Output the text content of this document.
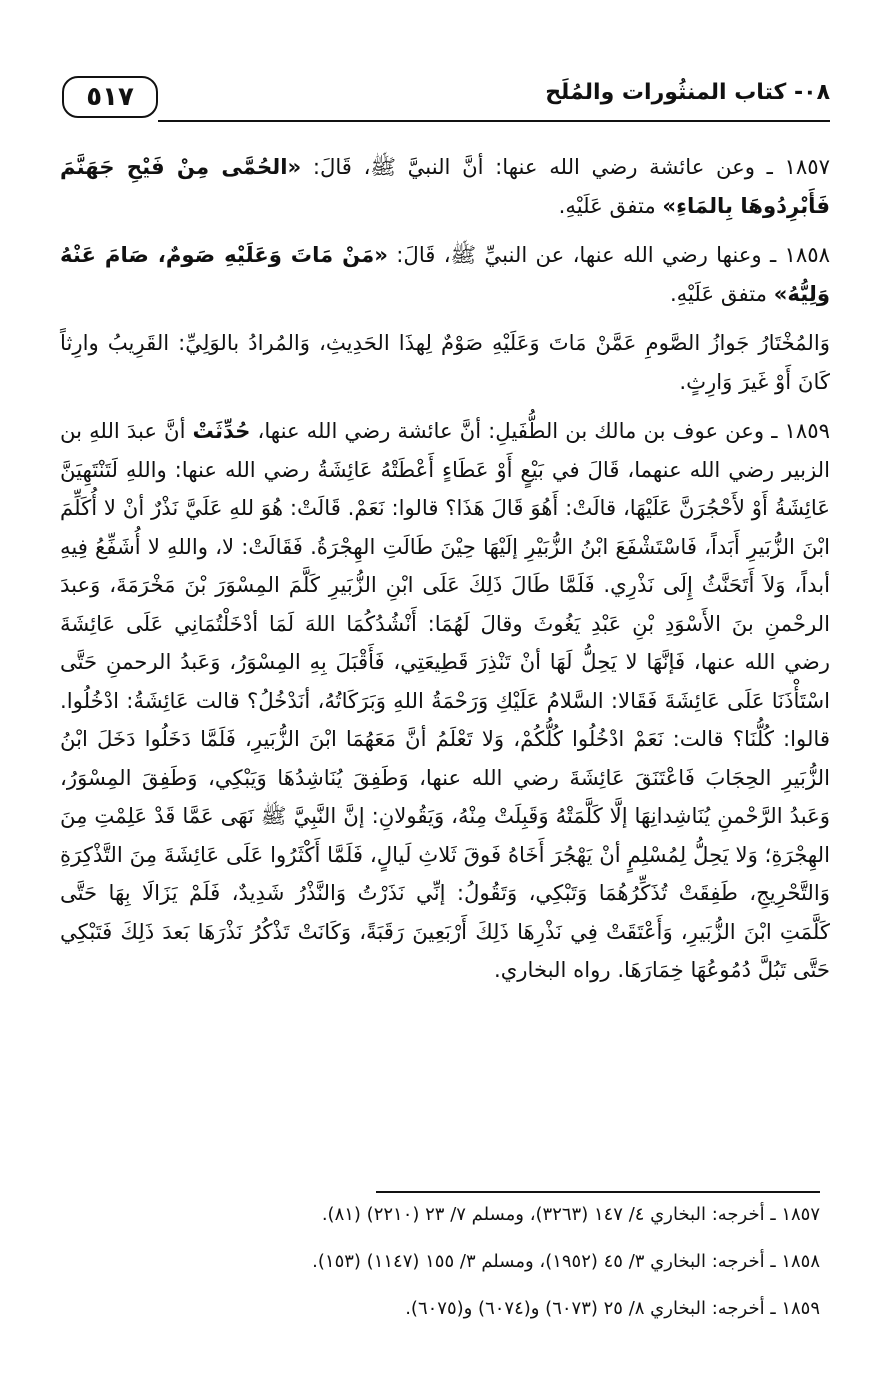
٥١٧	٠٨- كتاب المنثُورات والمُلَح

١٨٥٧ ـ وعن عائشة رضي الله عنها: أنَّ النبيَّ ﷺ، قَالَ: «الحُمَّى مِنْ فَيْحِ جَهَنَّمَ فَأَبْرِدُوهَا بِالمَاءِ» متفق عَلَيْهِ.

١٨٥٨ ـ وعنها رضي الله عنها، عن النبيِّ ﷺ، قَالَ: «مَنْ مَاتَ وَعَلَيْهِ صَومٌ، صَامَ عَنْهُ وَلِيُّهُ» متفق عَلَيْهِ.

وَالمُخْتَارُ جَوازُ الصَّومِ عَمَّنْ مَاتَ وَعَلَيْهِ صَوْمٌ لِهذَا الحَدِيثِ، وَالمُرادُ بالوَلِيِّ: القَرِيبُ وارِثاً كَانَ أَوْ غَيرَ وَارِثٍ.

١٨٥٩ ـ وعن عوف بن مالك بن الطُّفَيلِ: أنَّ عائشة رضي الله عنها، حُدِّثَتْ أنَّ عبدَ اللهِ بن الزبير رضي الله عنهما، قَالَ في بَيْعٍ أَوْ عَطَاءٍ أَعْطَتْهُ عَائِشَةُ رضي الله عنها: واللهِ لَتَنْتَهِيَنَّ عَائِشَةُ أَوْ لأَحْجُرَنَّ عَلَيْهَا، قالَتْ: أَهُوَ قَالَ هَذَا؟ قالوا: نَعَمْ. قَالَتْ: هُوَ للهِ عَلَيَّ نَذْرٌ أنْ لا أُكَلِّمَ ابْنَ الزُّبَيرِ أَبَداً، فَاسْتَشْفَعَ ابْنُ الزُّبَيْرِ إلَيْهَا حِيْنَ طَالَتِ الهِجْرَةُ. فَقَالَتْ: لا، واللهِ لا أُشَفِّعُ فِيهِ أبداً، وَلاَ أَتَحَنَّثُ إِلَى نَذْرِي. فَلَمَّا طَالَ ذَلِكَ عَلَى ابْنِ الزُّبَيرِ كَلَّمَ المِسْوَرَ بْنَ مَخْرَمَةَ، وَعبدَ الرحْمنِ بنَ الأَسْوَدِ بْنِ عَبْدِ يَغُوثَ وقالَ لَهُمَا: أَنْشُدُكُمَا اللهَ لَمَا أدْخَلْتُمَانِي عَلَى عَائِشَةَ رضي الله عنها، فَإنَّهَا لا يَحِلُّ لَهَا أنْ تَنْذِرَ قَطِيعَتِي، فَأَقْبَلَ بِهِ المِسْوَرُ، وَعَبدُ الرحمنِ حَتَّى اسْتَأْذَنَا عَلَى عَائِشَةَ فَقَالا: السَّلامُ عَلَيْكِ وَرَحْمَةُ اللهِ وَبَرَكَاتُهُ، أنَدْخُلُ؟ قالت عَائِشَةُ: ادْخُلُوا. قالوا: كُلُّنَا؟ قالت: نَعَمْ ادْخُلُوا كُلُّكُمْ، وَلا تَعْلَمُ أنَّ مَعَهُمَا ابْنَ الزُّبَيرِ، فَلَمَّا دَخَلُوا دَخَلَ ابْنُ الزُّبَيرِ الحِجَابَ فَاعْتَنَقَ عَائِشَةَ رضي الله عنها، وَطَفِقَ يُنَاشِدُهَا وَيَبْكِي، وَطَفِقَ المِسْوَرُ، وَعَبدُ الرَّحْمنِ يُنَاشِدانِهَا إلَّا كَلَّمَتْهُ وَقَبِلَتْ مِنْهُ، وَيَقُولانِ: إنَّ النَّبِيَّ ﷺ نَهَى عَمَّا قَدْ عَلِمْتِ مِنَ الهِجْرَةِ؛ وَلا يَحِلُّ لِمُسْلِمٍ أنْ يَهْجُرَ أَخَاهُ فَوقَ ثَلاثِ لَيالٍ، فَلَمَّا أَكْثَرُوا عَلَى عَائِشَةَ مِنَ التَّذْكِرَةِ وَالتَّحْرِيجِ، طَفِقَتْ تُذَكِّرُهُمَا وَتَبْكِي، وَتَقُولُ: إنِّي نَذَرْتُ وَالنَّذْرُ شَدِيدٌ، فَلَمْ يَزَالَا بِهَا حَتَّى كَلَّمَتِ ابْنَ الزُّبَيرِ، وَأَعْتَقَتْ فِي نَذْرِهَا ذَلِكَ أَرْبَعِينَ رَقَبَةً، وَكَانَتْ تَذْكُرُ نَذْرَهَا بَعدَ ذَلِكَ فَتَبْكِي حَتَّى تَبُلَّ دُمُوعُهَا خِمَارَهَا. رواه البخاري.

١٨٥٧ ـ أخرجه: البخاري ٤/ ١٤٧ (٣٢٦٣)، ومسلم ٧/ ٢٣ (٢٢١٠) (٨١).

١٨٥٨ ـ أخرجه: البخاري ٣/ ٤٥ (١٩٥٢)، ومسلم ٣/ ١٥٥ (١١٤٧) (١٥٣).

١٨٥٩ ـ أخرجه: البخاري ٨/ ٢٥ (٦٠٧٣) و(٦٠٧٤) و(٦٠٧٥).
